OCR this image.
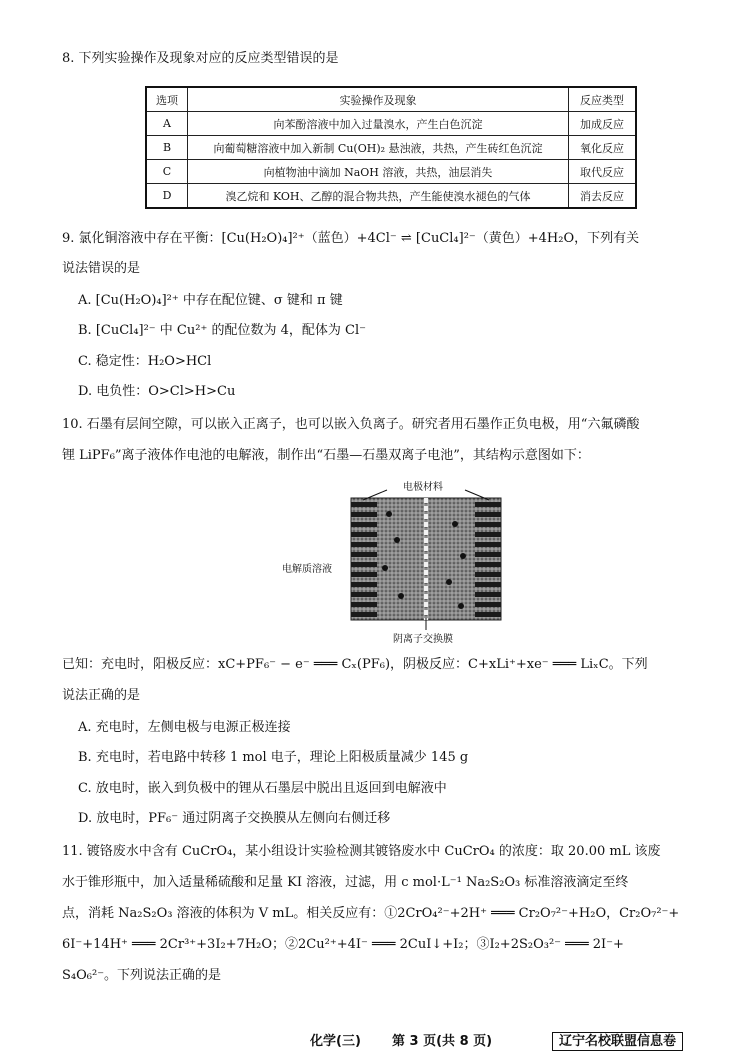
8. 下列实验操作及现象对应的反应类型错误的是
选项	实验操作及现象	反应类型
A	向苯酚溶液中加入过量溴水，产生白色沉淀	加成反应
B	向葡萄糖溶液中加入新制 Cu(OH)₂ 悬浊液，共热，产生砖红色沉淀	氧化反应
C	向植物油中滴加 NaOH 溶液，共热，油层消失	取代反应
D	溴乙烷和 KOH、乙醇的混合物共热，产生能使溴水褪色的气体	消去反应
9. 氯化铜溶液中存在平衡：[Cu(H₂O)₄]²⁺（蓝色）+4Cl⁻ ⇌ [CuCl₄]²⁻（黄色）+4H₂O，下列有关
说法错误的是
A. [Cu(H₂O)₄]²⁺ 中存在配位键、σ 键和 π 键
B. [CuCl₄]²⁻ 中 Cu²⁺ 的配位数为 4，配体为 Cl⁻
C. 稳定性：H₂O>HCl
D. 电负性：O>Cl>H>Cu
10. 石墨有层间空隙，可以嵌入正离子，也可以嵌入负离子。研究者用石墨作正负电极，用“六氟磷酸
锂 LiPF₆”离子液体作电池的电解液，制作出“石墨—石墨双离子电池”，其结构示意图如下：
电极材料
阴离子交换膜
电解质溶液
已知：充电时，阳极反应：xC+PF₆⁻ − e⁻ ═══ Cₓ(PF₆)，阴极反应：C+xLi⁺+xe⁻ ═══ LiₓC。下列
说法正确的是
A. 充电时，左侧电极与电源正极连接
B. 充电时，若电路中转移 1 mol 电子，理论上阳极质量减少 145 g
C. 放电时，嵌入到负极中的锂从石墨层中脱出且返回到电解液中
D. 放电时，PF₆⁻ 通过阴离子交换膜从左侧向右侧迁移
11. 镀铬废水中含有 CuCrO₄，某小组设计实验检测其镀铬废水中 CuCrO₄ 的浓度：取 20.00 mL 该废
水于锥形瓶中，加入适量稀硫酸和足量 KI 溶液，过滤，用 c mol·L⁻¹ Na₂S₂O₃ 标准溶液滴定至终
点，消耗 Na₂S₂O₃ 溶液的体积为 V mL。相关反应有：①2CrO₄²⁻+2H⁺ ═══ Cr₂O₇²⁻+H₂O，Cr₂O₇²⁻+
6I⁻+14H⁺ ═══ 2Cr³⁺+3I₂+7H₂O；②2Cu²⁺+4I⁻ ═══ 2CuI↓+I₂；③I₂+2S₂O₃²⁻ ═══ 2I⁻+
S₄O₆²⁻。下列说法正确的是
化学(三) 第 3 页(共 8 页)	辽宁名校联盟信息卷
